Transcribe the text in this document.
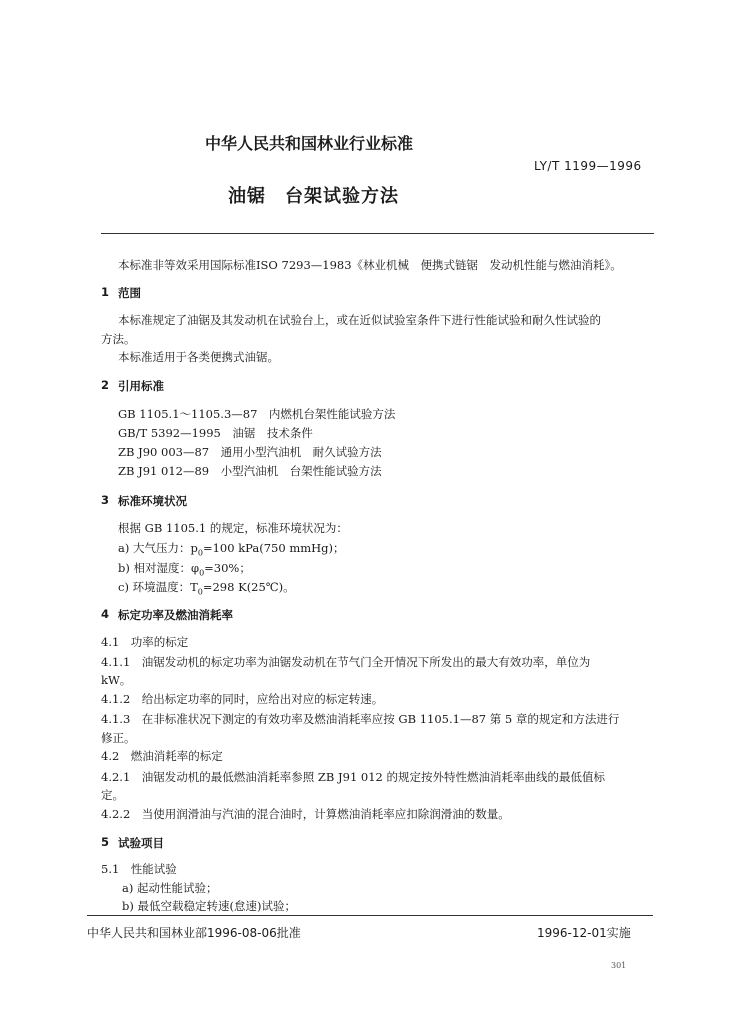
中华人民共和国林业行业标准
LY/T 1199—1996
油锯　台架试验方法
本标准非等效采用国际标准ISO 7293—1983《林业机械　便携式链锯　发动机性能与燃油消耗》。
1 范围
本标准规定了油锯及其发动机在试验台上，或在近似试验室条件下进行性能试验和耐久性试验的
方法。
本标准适用于各类便携式油锯。
2 引用标准
GB 1105.1～1105.3—87　内燃机台架性能试验方法
GB/T 5392—1995　油锯　技术条件
ZB J90 003—87　通用小型汽油机　耐久试验方法
ZB J91 012—89　小型汽油机　台架性能试验方法
3 标准环境状况
根据 GB 1105.1 的规定，标准环境状况为：
a) 大气压力：$p_0=100$ kPa(750 mmHg)；
b) 相对湿度：$\varphi_0=30\%$；
c) 环境温度：$T_0=298$ K(25℃)。
4 标定功率及燃油消耗率
4.1　功率的标定
4.1.1　油锯发动机的标定功率为油锯发动机在节气门全开情况下所发出的最大有效功率，单位为
kW。
4.1.2　给出标定功率的同时，应给出对应的标定转速。
4.1.3　在非标准状况下测定的有效功率及燃油消耗率应按 GB 1105.1—87 第 5 章的规定和方法进行
修正。
4.2　燃油消耗率的标定
4.2.1　油锯发动机的最低燃油消耗率参照 ZB J91 012 的规定按外特性燃油消耗率曲线的最低值标
定。
4.2.2　当使用润滑油与汽油的混合油时，计算燃油消耗率应扣除润滑油的数量。
5 试验项目
5.1　性能试验
a) 起动性能试验；
b) 最低空载稳定转速(怠速)试验；
中华人民共和国林业部1996-08-06批准	1996-12-01实施
301
